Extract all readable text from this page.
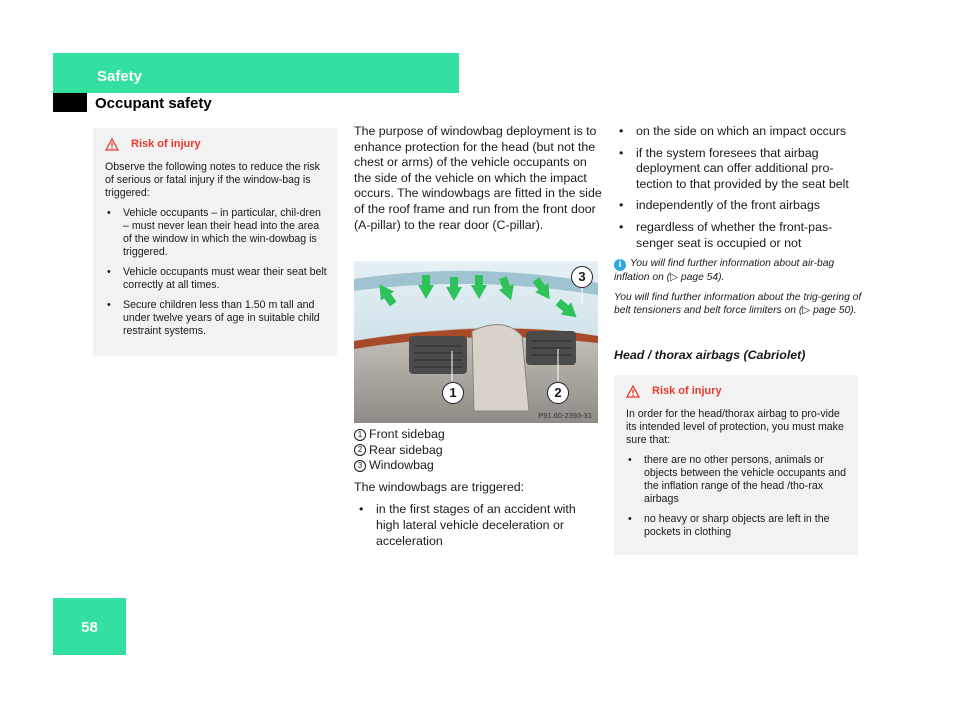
Safety
Occupant safety
Risk of injury

Observe the following notes to reduce the risk of serious or fatal injury if the window-bag is triggered:

• Vehicle occupants – in particular, chil-dren – must never lean their head into the area of the window in which the win-dowbag is triggered.
• Vehicle occupants must wear their seat belt correctly at all times.
• Secure children less than 1.50 m tall and under twelve years of age in suitable child restraint systems.

The purpose of windowbag deployment is to enhance protection for the head (but not the chest or arms) of the vehicle occupants on the side of the vehicle on which the impact occurs. The windowbags are fitted in the side of the roof frame and run from the front door (A-pillar) to the rear door (C-pillar).

1	2
3
P91.60-2393-31
1 Front sidebag
2 Rear sidebag
3 Windowbag

The windowbags are triggered:

• in the first stages of an accident with high lateral vehicle deceleration or acceleration
• on the side on which an impact occurs
• if the system foresees that airbag deployment can offer additional pro-tection to that provided by the seat belt
• independently of the front airbags
• regardless of whether the front-pas-senger seat is occupied or not

i You will find further information about air-bag inflation on (▷ page 54).

You will find further information about the trig-gering of belt tensioners and belt force limiters on (▷ page 50).

Head / thorax airbags (Cabriolet)
Risk of injury

In order for the head/thorax airbag to pro-vide its intended level of protection, you must make sure that:

• there are no other persons, animals or objects between the vehicle occupants and the inflation range of the head /tho-rax airbags
• no heavy or sharp objects are left in the pockets in clothing
58
